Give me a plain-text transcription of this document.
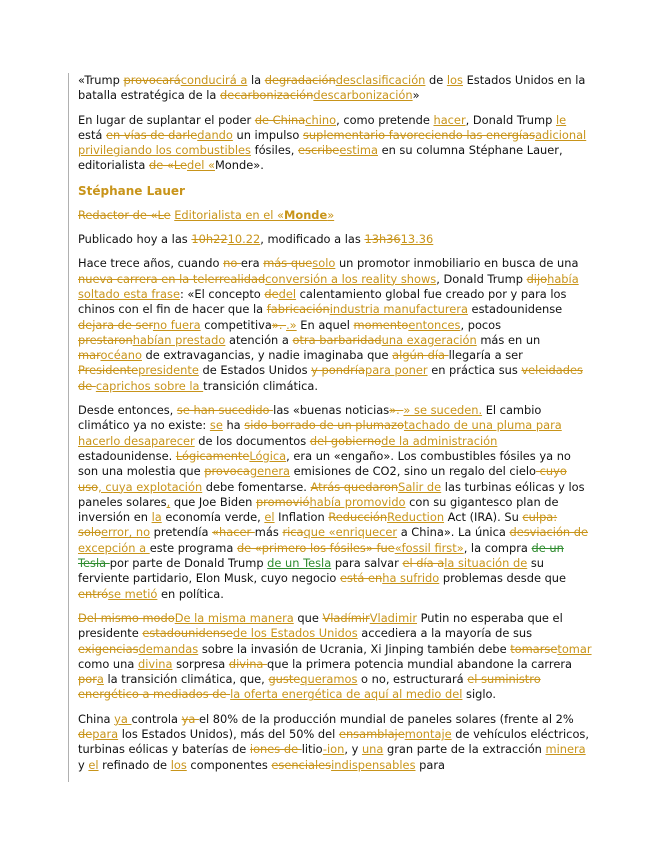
«Trump provocaráconducirá a la degradacióndesclasificación de los Estados Unidos en la batalla estratégica de la decarbonizacióndescarbonización»

En lugar de suplantar el poder de Chinachino, como pretende hacer, Donald Trump le está en vías de darledando un impulso suplementario favoreciendo las energíasadicional privilegiando los combustibles fósiles, escribeestima en su columna Stéphane Lauer, editorialista de «Ledel «Monde».

Stéphane Lauer

Redactor de «Le Editorialista en el «Monde»

Publicado hoy a las 10h2210.22, modificado a las 13h3613.36

Hace trece años, cuando no era más quesolo un promotor inmobiliario en busca de una nueva carrera en la telerrealidadconversión a los reality shows, Donald Trump dijohabía soltado esta frase: «El concepto dedel calentamiento global fue creado por y para los chinos con el fin de hacer que la fabricaciónindustria manufacturera estadounidense dejara de serno fuera competitiva». .» En aquel momentoentonces, pocos prestaronhabían prestado atención a otra barbaridaduna exageración más en un marocéano de extravagancias, y nadie imaginaba que algún día llegaría a ser Presidentepresidente de Estados Unidos y pondríapara poner en práctica sus veleidades de caprichos sobre la transición climática.

Desde entonces, se han sucedido las «buenas noticias». » se suceden. El cambio climático ya no existe: se ha sido borrado de un plumazotachado de una pluma para hacerlo desaparecer de los documentos del gobiernode la administración estadounidense. LógicamenteLógica, era un «engaño». Los combustibles fósiles ya no son una molestia que provocagenera emisiones de CO2, sino un regalo del cielo cuyo uso, cuya explotación debe fomentarse. Atrás quedaronSalir de las turbinas eólicas y los paneles solares, que Joe Biden promovióhabía promovido con su gigantesco plan de inversión en la economía verde, el Inflation ReducciónReduction Act (IRA). Su culpa: soloerror, no pretendía «hacer más ricaque «enriquecer a China». La única desviación de excepción a este programa de «primero los fósiles» fue«fossil first», la compra de un Tesla por parte de Donald Trump de un Tesla para salvar el día ala situación de su ferviente partidario, Elon Musk, cuyo negocio está enha sufrido problemas desde que entróse metió en política.

Del mismo modoDe la misma manera que VladímirVladimir Putin no esperaba que el presidente estadounidensede los Estados Unidos accediera a la mayoría de sus exigenciasdemandas sobre la invasión de Ucrania, Xi Jinping también debe tomarsetomar como una divina sorpresa divina que la primera potencia mundial abandone la carrera pora la transición climática, que, gustequeramos o no, estructurará el suministro energético a mediados de la oferta energética de aquí al medio del siglo.

China ya controla ya el 80% de la producción mundial de paneles solares (frente al 2% depara los Estados Unidos), más del 50% del ensamblajemontaje de vehículos eléctricos, turbinas eólicas y baterías de iones de litio-ion, y una gran parte de la extracción minera y el refinado de los componentes esencialesindispensables para
